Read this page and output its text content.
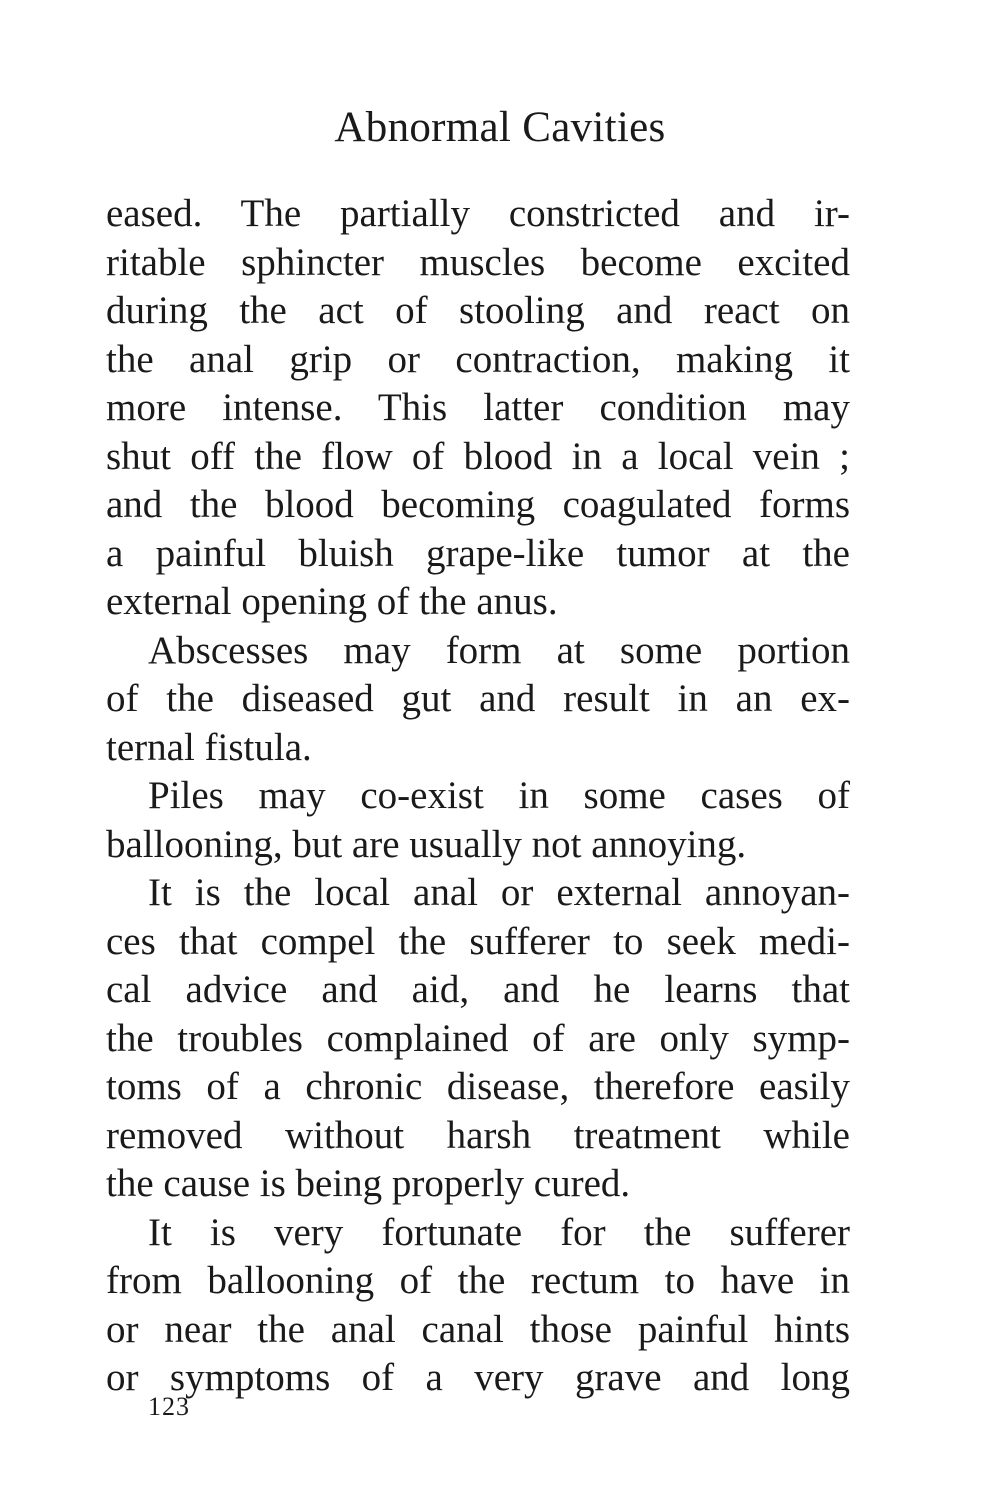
Abnormal Cavities
eased. The partially constricted and ir-
ritable sphincter muscles become excited
during the act of stooling and react on
the anal grip or contraction, making it
more intense. This latter condition may
shut off the flow of blood in a local vein ;
and the blood becoming coagulated forms
a painful bluish grape-like tumor at the
external opening of the anus.
Abscesses may form at some portion
of the diseased gut and result in an ex-
ternal fistula.
Piles may co-exist in some cases of
ballooning, but are usually not annoying.
It is the local anal or external annoyan-
ces that compel the sufferer to seek medi-
cal advice and aid, and he learns that
the troubles complained of are only symp-
toms of a chronic disease, therefore easily
removed without harsh treatment while
the cause is being properly cured.
It is very fortunate for the sufferer
from ballooning of the rectum to have in
or near the anal canal those painful hints
or symptoms of a very grave and long
123
